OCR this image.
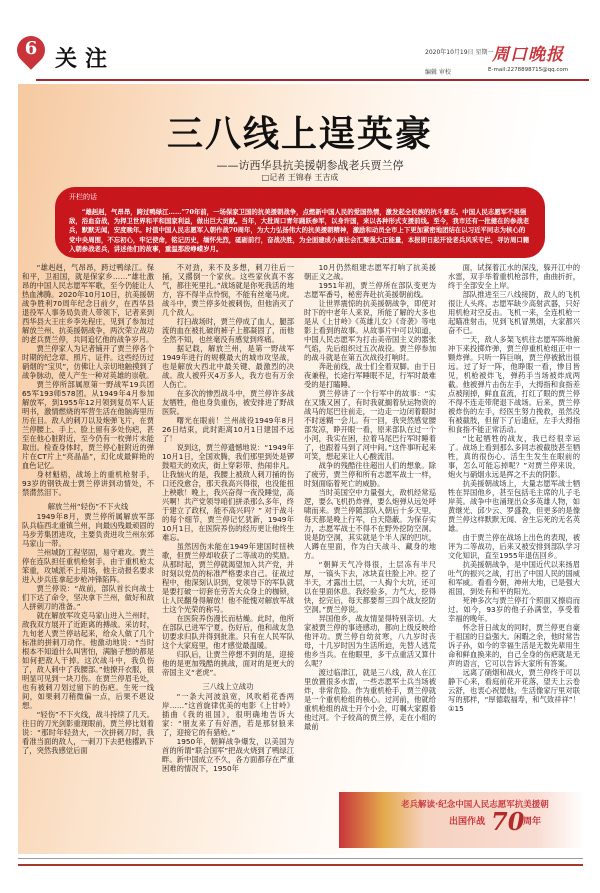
6 关注	2020年10月19日 星期一
周口晚报
编辑 审校	E-mail:2278898715@qq.com
三八线上逞英豪
——访西华县抗美援朝参战老兵贾兰停
□记者 王锦春 王吉成
开栏的话
“雄赳赳，气昂昂，跨过鸭绿江……”70年前，一场保家卫国的抗美援朝战争，点燃新中国人民的爱国热情，激发起全民族的抗斗意志。中国人民志愿军不畏强敌，浴血奋战，为捍卫世界和平和国家利益，做出巨大贡献。当年，大批周口青年踊跃参军，以身许国，来以各种形式支援前线。至今，我市还有一批健在的参战老兵，默默无闻，安度晚年。时值中国人民志愿军入朝作战70周年，为大力弘扬伟大的抗美援朝精神，激励和动员全市上下更加紧密地团结在以习近平同志为核心的党中央周围，不忘初心，牢记使命，铭记历史，缅怀先烈，砥砺前行，奋战决胜，为全面建成小康社会汇聚强大正能量，本报即日起开设老兵风采专栏，寻访周口籍入朝参战老兵，讲述他们的故事，重温那段峥嵘岁月。

“雄赳赳，气昂昂，跨过鸭绿江。保和平，卫祖国，就是保家乡……”雄壮激昂的中国人民志愿军军歌，至今仍能让人热血沸腾。2020年10月10日，抗美援朝战争胜利70周年纪念日前夕，在西华县退役军人事务局负责人带领下，记者来到西华县大王庄乡李先程庄，见到了参加过解放兰州、抗美援朝战争，两次荣立战功的老兵贾兰停，共同追忆他的战争岁月。

贾兰停家人为记者铺开了贾兰停各个时期的纪念章、照片、证件。这些经历过硝烟的“宝贝”，仿佛让人亲切地触摸到了战争脉动，使人产生一种对英雄的崇敬。

贾兰停所部属原第一野战军19兵团65军193师578团。从1949年4月参加解放军，到1955年12月领到复员军人证明书，激情燃烧的军营生活在他脑海里历历在目。敌人的刺刀以及炮弹飞片，在贾兰停腰上、手上、脸上留有多处伤疤，甚至在他心脏附近，至今仍有一枚弹片未能取出。检查身体时，贾兰停心脏附近的弹片在CT片上“亮晶晶”，幻化成最鲜艳的血色记忆。

身材魁梧，战场上的重机枪射手，93岁的钢铁战士贾兰停讲到动情处，不禁潸然泪下。

解放兰州“轻伤”不下火线

1949年8月，贾兰停所属解放军部队兵临西北重镇兰州，向最凶残最顽固的马步芳集团进攻，主要负责进攻兰州东郊马家山一带。

兰州城防工程坚固，易守难攻。贾兰停在连队担任重机枪射手，由于重机枪太笨重，攻城派不上用场，他主动报名要求进入步兵连拿起步枪冲锋陷阵。

贾兰停说：“战前，部队首长向战士们下达了命令，坚决拿下兰州，做好和敌人拼刺刀的准备。”

就在解放军攻克马家山进入兰州时，敌我双方展开了近距离的搏战。采访时，九旬老人贾兰停站起来，给众人做了几个标准的拼刺刀动作。他激动地说：“当时根本不知道什么叫害怕，满脑子想的都是如何把敌人干掉。这次战斗中，我负伤了，敌人刺中了我腰部。”他撩开衣服，很明显可见到一块刀伤。在贾兰停眉毛处，也有被刺刀划过留下的伤疤。生死一线间，如果刺刀稍微偏一点，后果不堪设想。

“轻伤”不下火线，战斗持续了几天。往日的刀光剑影重现眼前，贾兰停比划着说：“那时年轻劲大，一次拼刺刀时，我看准当面的敌人，一刺刀下去把他撂趴下了，突然我感觉后面

不对劲，来不及多想，刺刀往后一捅，又撂倒一个家伙。这些家伙真不客气，都往死里扎。”战场就是你死我活的地方，容不得半点怜悯，不能有丝毫马虎。战斗中，贾兰停多处被刺伤，但他消灭了几个敌人。

打扫战场时，贾兰停成了血人，腿部流的血在被扎破的裤子上都凝固了，而他全然不知，也丝毫没有感觉到疼痛。

据记载，解放兰州，是第一野战军1949年进行的规模最大的城市攻坚战，也是解放大西北中最关键、最激烈的决战。敌人被歼灭4万多人，我方也有万余人伤亡。

在多次的惨烈战斗中，贾兰停许多战友牺牲，他也身负重伤，被安排进了野战医院。

曙光在眼前！兰州战役1949年8月26日结束，此时距离10月1日建国不远了！

说到这，贾兰停遗憾地说：“1949年10月1日，全国欢腾，我们那里到处是锣鼓喧天的欢庆，街上穿彩带、热闹非凡。让我恼火的是，我腰上被敌人刺刀捅的伤口还没愈合，那天我高兴得很，也没能扭上秧歌！晚上，我兴奋得一夜没睡觉，高兴啊！共产党领导咱们拼杀那么多年，终于建立了政权，能不高兴吗？” 对于战斗的每个细节，贾兰停记忆犹新，1949年10月1日，在医院养伤的经历更让他终生难忘。

虽然因伤未能在1949年建国时扭秧歌，但贾兰停却收获了二等战功的奖励。从那时起，贾兰停就渴望加入共产党，并时刻以党员的标准严格要求自己。征战过程中，他深刻认识到，党领导下的军队就是要打破一切套在劳苦大众身上的枷锁，让人民翻身得解放！他不能愧对解放军战士这个光荣的称号。

在医院养伤漫长而枯燥。此时，他所在部队已进军宁夏。伤好后，他和战友急切要求归队并得到批准。只有在人民军队这个大家庭里，他才感觉最温暖。

归队后，让贾兰停想不到的是，迎接他的是更加残酷的挑战，面对的是更大的帝国主义“老虎”。

三八线上立战功

“一条大河波浪宽，风吹稻花香两岸……”这首旋律优美的电影《上甘岭》插曲《我的祖国》，很明确地告诉大家：“朋友来了有好酒，若是那豺狼来了，迎接它的有猎枪。”

1950年，朝鲜战争爆发，以美国为首的所谓“联合国军”把战火烧到了鸭绿江畔。新中国成立不久，各方面都存在严重困难的情况下，1950年

10月仍然组建志愿军打响了抗美援朝正义之战。

1951年初，贾兰停所在部队变更为志愿军番号，秘密奔赴抗美援朝前线。

让世界震惊的抗美援朝战争，即使对时下的中老年人来说，所能了解的大多也是从《上甘岭》《英雄儿女》《奇袭》等电影上看到的故事。从故事片中可以知道，中国人民志愿军为打击美帝国主义的嚣张气焰，先后组织过五次战役。贾兰停参加的战斗就是在第五次战役打响时。

奔赴前线，战士们全着双脚。由于日夜兼程，长途行军睡眠不足，行军时最难受的是打瞌睡。

贾兰停讲了一个行军中的故事：“实在又饿又困了，有时我就搁着驮运物资的战马的尾巴往前走，一边走一边闭着眼时不时迷糊一会儿。有一回，我突然感觉腰部发凉，睁开眼一看，原来部队在过一个小河，我实在困，拉着马尾巴行军时睡着了，也跟着马到了河中间。”这件事听起来可笑，想起来让人心酸流泪。

战争的残酷往往超出人们的想象。除了疲劳，贾兰停和所有志愿军战士一样，时刻面临着死亡的威胁。

当时美国空中力量强大，敌机经常巡逻，要么飞机扔炸弹，要么炮弹从远处呼啸而来。贾兰停随部队入朝后十多天里，每天都是晚上行军，白天隐蔽。为保存实力，志愿军战士不得不在野外挖防空洞。说是防空洞，其实就是个半人深的凹坑，人蹲在里面，作为白天战斗、藏身的地方。

“朝鲜天气冷得很，土层冻有半尺厚，一镐头下去，冰块直往脸上冲。挖了半天，才露出土层，一人掏个大坑，还可以在里面休息。我经验多，力气大，挖得快，挖完后，每天都要帮三四个战友挖防空洞。”贾兰停说。

异国他乡，战友情显得特别亲切。大家被贾兰停的事迹感动，都向上级反映给他评功。贾兰停自幼贫寒，八九岁时丧母，十几岁时因为生活所迫，先替人逃荒他乡当兵。在他眼里，多干点重活又算什么呢？

渡过临津江，就是三八线，敌人在江里放置很多水雷，一些志愿军士兵当场被炸，非常危险。作为重机枪手，贾兰停就是一个重机枪组的核心。过河前，他就给重机枪组的战士开个小会，叮嘱大家跟着他过河。个子较高的贾兰停，走在小组的最前

面，试探着江水的深浅，躲开江中的水雷，双手举着重机枪部件，曲曲折折，终于全部安全上岸。

部队推进至三八线接防，敌人的飞机很让人头疼。志愿军缺少高射武器，只好用机枪对空反击。飞机一来，全连机枪一起瞄准射击，见到飞机冒黑烟，大家都兴奋不已。

一天，敌人多架飞机往志愿军阵地俯冲下来投掷炸弹，贾兰停重机枪组正中一颗炸弹。只听一阵巨响，贾兰停被掀出很远。过了好一阵，他睁眼一看，惨目皆见，机枪被炸飞，弹药手当场被炸成两截。他被弹片击伤左手，大拇指和食指差点被削掉，鲜血直流，打红了眼的贾兰停不得不连走带爬退下战场。后来，贾兰停被炸伤的左手，经医生努力挽救，虽然没有被截肢，但留下了后遗症，左手大拇指和食指不能正常活动。

“比起牺牲的战友，我已经很幸运了。战场上看到那么多同志被截肢甚至牺牲，真的很伤心。活生生发生在眼前的事，怎么可能忘掉呢？”对贾兰停来说，炮火与硝烟永远是挥之不去的阴影。

抗美援朝战场上，大量志愿军战士牺牲在异国他乡，甚至包括毛主席的儿子毛岸英。战争中也涌现出众多英雄人物，如黄继光、邱少云、罗盛教，但更多的是像贾兰停这样默默无闻、舍生忘死的无名英雄。

由于贾兰停在战场上出色的表现，被评为二等战功，后来又被安排到部队学习文化知识，直至1955年退伍回乡。

抗美援朝战争，是中国近代以来扬眉吐气的振兴之战，打出了中国人民的国威和军威。看看今朝，神州大地，已是强大祖国，到处有和平的阳光。

死神多次与贾兰停打个照面又擦肩而过。如今，93岁的他子孙满堂，享受着幸福的晚年。

怀念昔日战友的同时，贾兰停更自豪于祖国的日益强大。闲暇之余，他时常告诉子孙，如今的幸福生活是无数先辈用生命和鲜血换来的，自己全身的伤疤就是无声的语言，它可以告诉大家所有答案。

远离了硝烟和战火，贾兰停终于可以静下心来，看庭前花开花落，望天上云卷云舒，也衷心祝愿他，生活像家厅里对联写的那样，“厚德载福寿，和气致祥祥”！①15

老兵解读·纪念中国人民志愿军抗美援朝
出国作战 70
周年
